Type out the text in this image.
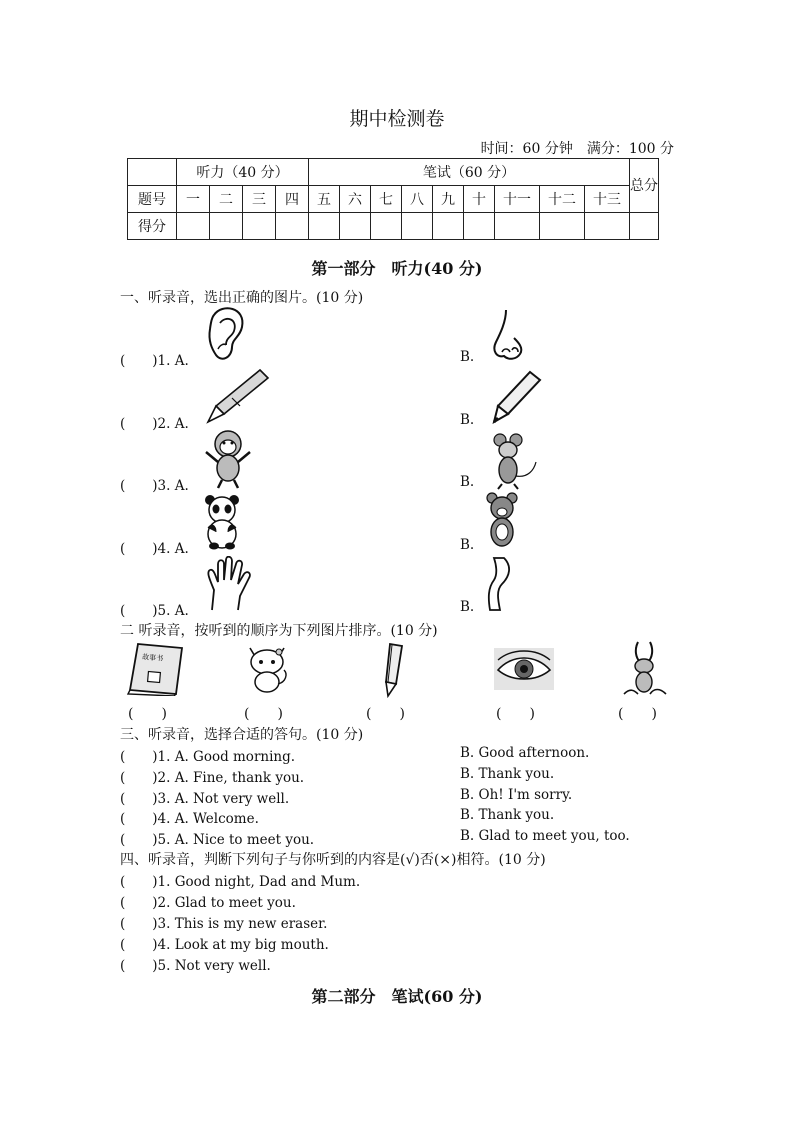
期中检测卷
时间：60 分钟　满分：100 分
	听力（40 分）				笔试（60 分）									总分
题号	一	二	三	四	五	六	七	八	九	十	十一	十二	十三	
得分														
第一部分　听力(40 分)
一、听录音，选出正确的图片。(10 分)
(　　)1. A.	B.
(　　)2. A.	B.
(　　)3. A.	B.
(　　)4. A.	B.
(　　)5. A.	B.
二 听录音，按听到的顺序为下列图片排序。(10 分)
故事书
(　　)	(　　)	(　　)	(　　)	(　　)
三、听录音，选择合适的答句。(10 分)
(　　)1. A. Good morning.	B. Good afternoon.
(　　)2. A. Fine, thank you.	B. Thank you.
(　　)3. A. Not very well.	B. Oh! I'm sorry.
(　　)4. A. Welcome.	B. Thank you.
(　　)5. A. Nice to meet you.	B. Glad to meet you, too.
四、听录音，判断下列句子与你听到的内容是(√)否(×)相符。(10 分)
(　　)1. Good night, Dad and Mum.
(　　)2. Glad to meet you.
(　　)3. This is my new eraser.
(　　)4. Look at my big mouth.
(　　)5. Not very well.
第二部分　笔试(60 分)
